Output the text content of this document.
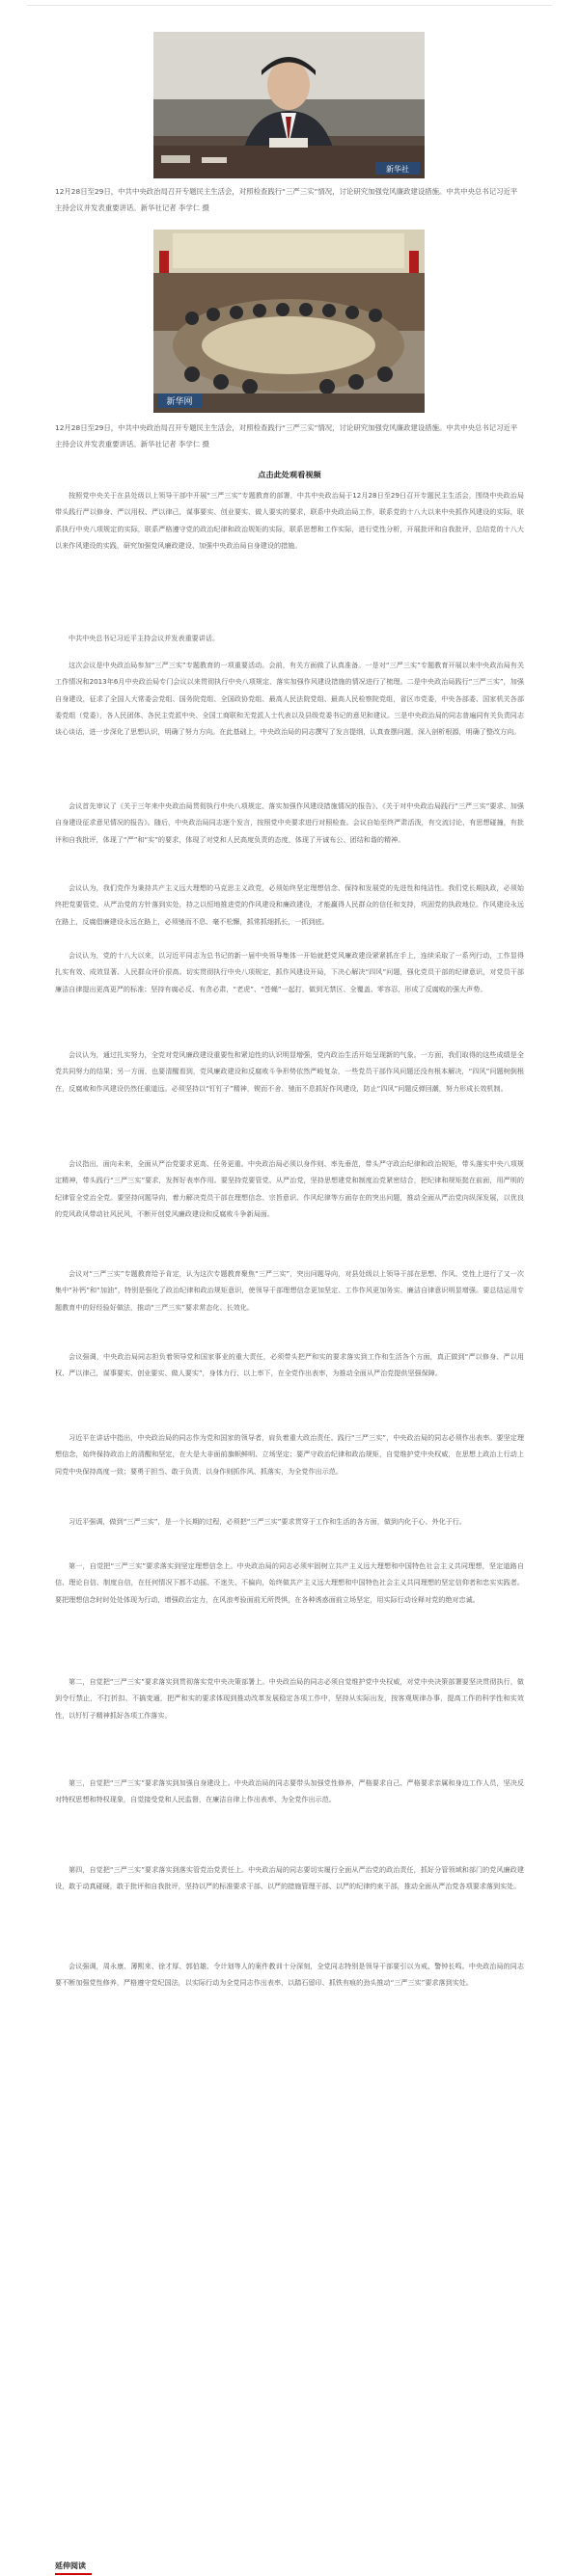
新华社
12月28日至29日，中共中央政治局召开专题民主生活会，对照检查践行“三严三实”情况，讨论研究加强党风廉政建设措施。中共中央总书记习近平主持会议并发表重要讲话。新华社记者 李学仁 摄
新华网
12月28日至29日，中共中央政治局召开专题民主生活会，对照检查践行“三严三实”情况，讨论研究加强党风廉政建设措施。中共中央总书记习近平主持会议并发表重要讲话。新华社记者 李学仁 摄
点击此处观看视频
按照党中央关于在县处级以上领导干部中开展“三严三实”专题教育的部署，中共中央政治局于12月28日至29日召开专题民主生活会，围绕中央政治局带头践行严以修身、严以用权、严以律己，谋事要实、创业要实、做人要实的要求，联系中央政治局工作，联系党的十八大以来中央抓作风建设的实际，联系执行中央八项规定的实际，联系严格遵守党的政治纪律和政治规矩的实际，联系思想和工作实际，进行党性分析，开展批评和自我批评，总结党的十八大以来作风建设的实践，研究加强党风廉政建设、加强中央政治局自身建设的措施。
中共中央总书记习近平主持会议并发表重要讲话。
这次会议是中央政治局参加“三严三实”专题教育的一项重要活动。会前，有关方面做了认真准备。一是对“三严三实”专题教育开展以来中央政治局有关工作情况和2013年6月中央政治局专门会议以来贯彻执行中央八项规定、落实加强作风建设措施的情况进行了梳理。二是中央政治局践行“三严三实”，加强自身建设，征求了全国人大常委会党组、国务院党组、全国政协党组、最高人民法院党组、最高人民检察院党组，省区市党委，中央各部委、国家机关各部委党组（党委），各人民团体、各民主党派中央、全国工商联和无党派人士代表以及县级党委书记的意见和建议。三是中央政治局的同志普遍同有关负责同志谈心谈话，进一步深化了思想认识，明确了努力方向。在此基础上，中央政治局的同志撰写了发言提纲，认真查摆问题，深入剖析根源，明确了整改方向。
会议首先审议了《关于三年来中央政治局贯彻执行中央八项规定、落实加强作风建设措施情况的报告》、《关于对中央政治局践行“三严三实”要求、加强自身建设征求意见情况的报告》。随后，中央政治局同志逐个发言，按照党中央要求进行对照检查。会议自始至终严肃活泼，有交流讨论，有思想碰撞，有批评和自我批评，体现了“严”和“实”的要求，体现了对党和人民高度负责的态度，体现了开诚布公、团结和谐的精神。
会议认为，我们党作为秉持共产主义远大理想的马克思主义政党，必须始终坚定理想信念、保持和发展党的先进性和纯洁性。我们党长期执政，必须始终把党要管党、从严治党的方针落到实处，持之以恒地推进党的作风建设和廉政建设，才能赢得人民群众的信任和支持，巩固党的执政地位。作风建设永远在路上，反腐倡廉建设永远在路上，必须驰而不息、毫不松懈，抓常抓细抓长，一抓到底。
会议认为，党的十八大以来，以习近平同志为总书记的新一届中央领导集体一开始就把党风廉政建设紧紧抓在手上，连续采取了一系列行动，工作显得扎实有效、成效显著、人民群众评价很高。切实贯彻执行中央八项规定，抓作风建设开局，下决心解决“四风”问题，强化党员干部的纪律意识，对党员干部廉洁自律提出更高更严的标准；坚持有腐必反、有贪必肃，“老虎”、“苍蝇”一起打，做到无禁区、全覆盖、零容忍，形成了反腐败的强大声势。
会议认为，通过扎实努力，全党对党风廉政建设重要性和紧迫性的认识明显增强，党内政治生活开始呈现新的气象。一方面，我们取得的这些成绩是全党共同努力的结果；另一方面，也要清醒看到，党风廉政建设和反腐败斗争形势依然严峻复杂，一些党员干部作风问题还没有根本解决，“四风”问题树倒根在，反腐败和作风建设仍然任重道远。必须坚持以“钉钉子”精神，锲而不舍、驰而不息抓好作风建设，防止“四风”问题反弹回潮，努力形成长效机制。
会议指出，面向未来，全面从严治党要求更高、任务更重。中央政治局必须以身作则、率先垂范，带头严守政治纪律和政治规矩，带头落实中央八项规定精神，带头践行“三严三实”要求，发挥好表率作用。要坚持党要管党、从严治党，坚持思想建党和制度治党紧密结合，把纪律和规矩挺在前面，用严明的纪律管全党治全党。要坚持问题导向，着力解决党员干部在理想信念、宗旨意识、作风纪律等方面存在的突出问题，推动全面从严治党向纵深发展，以优良的党风政风带动社风民风，不断开创党风廉政建设和反腐败斗争新局面。
会议对“三严三实”专题教育给予肯定，认为这次专题教育聚焦“三严三实”，突出问题导向，对县处级以上领导干部在思想、作风、党性上进行了又一次集中“补钙”和“加油”，特别是强化了政治纪律和政治规矩意识，使领导干部理想信念更加坚定、工作作风更加务实、廉洁自律意识明显增强。要总结运用专题教育中的好经验好做法，推动“三严三实”要求常态化、长效化。
会议强调，中央政治局同志担负着领导党和国家事业的重大责任，必须带头把严和实的要求落实到工作和生活各个方面，真正做到“严以修身、严以用权、严以律己，谋事要实、创业要实、做人要实”，身体力行、以上率下，在全党作出表率，为推动全面从严治党提供坚强保障。
习近平在讲话中指出，中央政治局的同志作为党和国家的领导者，肩负着重大政治责任。践行“三严三实”，中央政治局的同志必须作出表率。要坚定理想信念，始终保持政治上的清醒和坚定，在大是大非面前旗帜鲜明、立场坚定；要严守政治纪律和政治规矩，自觉维护党中央权威，在思想上政治上行动上同党中央保持高度一致；要勇于担当、敢于负责，以身作则抓作风、抓落实，为全党作出示范。
习近平强调，做到“三严三实”，是一个长期的过程，必须把“三严三实”要求贯穿于工作和生活的各方面，做到内化于心、外化于行。
第一，自觉把“三严三实”要求落实到坚定理想信念上。中央政治局的同志必须牢固树立共产主义远大理想和中国特色社会主义共同理想，坚定道路自信、理论自信、制度自信，在任何情况下都不动摇、不迷失、不偏向，始终做共产主义远大理想和中国特色社会主义共同理想的坚定信仰者和忠实实践者。要把理想信念时时处处体现为行动，增强政治定力，在风浪考验面前无所畏惧，在各种诱惑面前立场坚定，用实际行动诠释对党的绝对忠诚。
第二，自觉把“三严三实”要求落实到贯彻落实党中央决策部署上。中央政治局的同志必须自觉维护党中央权威，对党中央决策部署要坚决贯彻执行，做到令行禁止，不打折扣、不搞变通，把严和实的要求体现到推动改革发展稳定各项工作中，坚持从实际出发，按客观规律办事，提高工作的科学性和实效性，以钉钉子精神抓好各项工作落实。
第三，自觉把“三严三实”要求落实到加强自身建设上。中央政治局的同志要带头加强党性修养，严格要求自己、严格要求亲属和身边工作人员，坚决反对特权思想和特权现象，自觉接受党和人民监督，在廉洁自律上作出表率，为全党作出示范。
第四，自觉把“三严三实”要求落实到落实管党治党责任上。中央政治局的同志要切实履行全面从严治党的政治责任，抓好分管领域和部门的党风廉政建设，敢于动真碰硬，敢于批评和自我批评，坚持以严的标准要求干部、以严的措施管理干部、以严的纪律约束干部，推动全面从严治党各项要求落到实处。
会议强调，周永康、薄熙来、徐才厚、郭伯雄、令计划等人的案件教训十分深刻，全党同志特别是领导干部要引以为戒、警钟长鸣。中央政治局的同志要不断加强党性修养，严格遵守党纪国法，以实际行动为全党同志作出表率，以踏石留印、抓铁有痕的劲头推动“三严三实”要求落到实处。
延伸阅读
